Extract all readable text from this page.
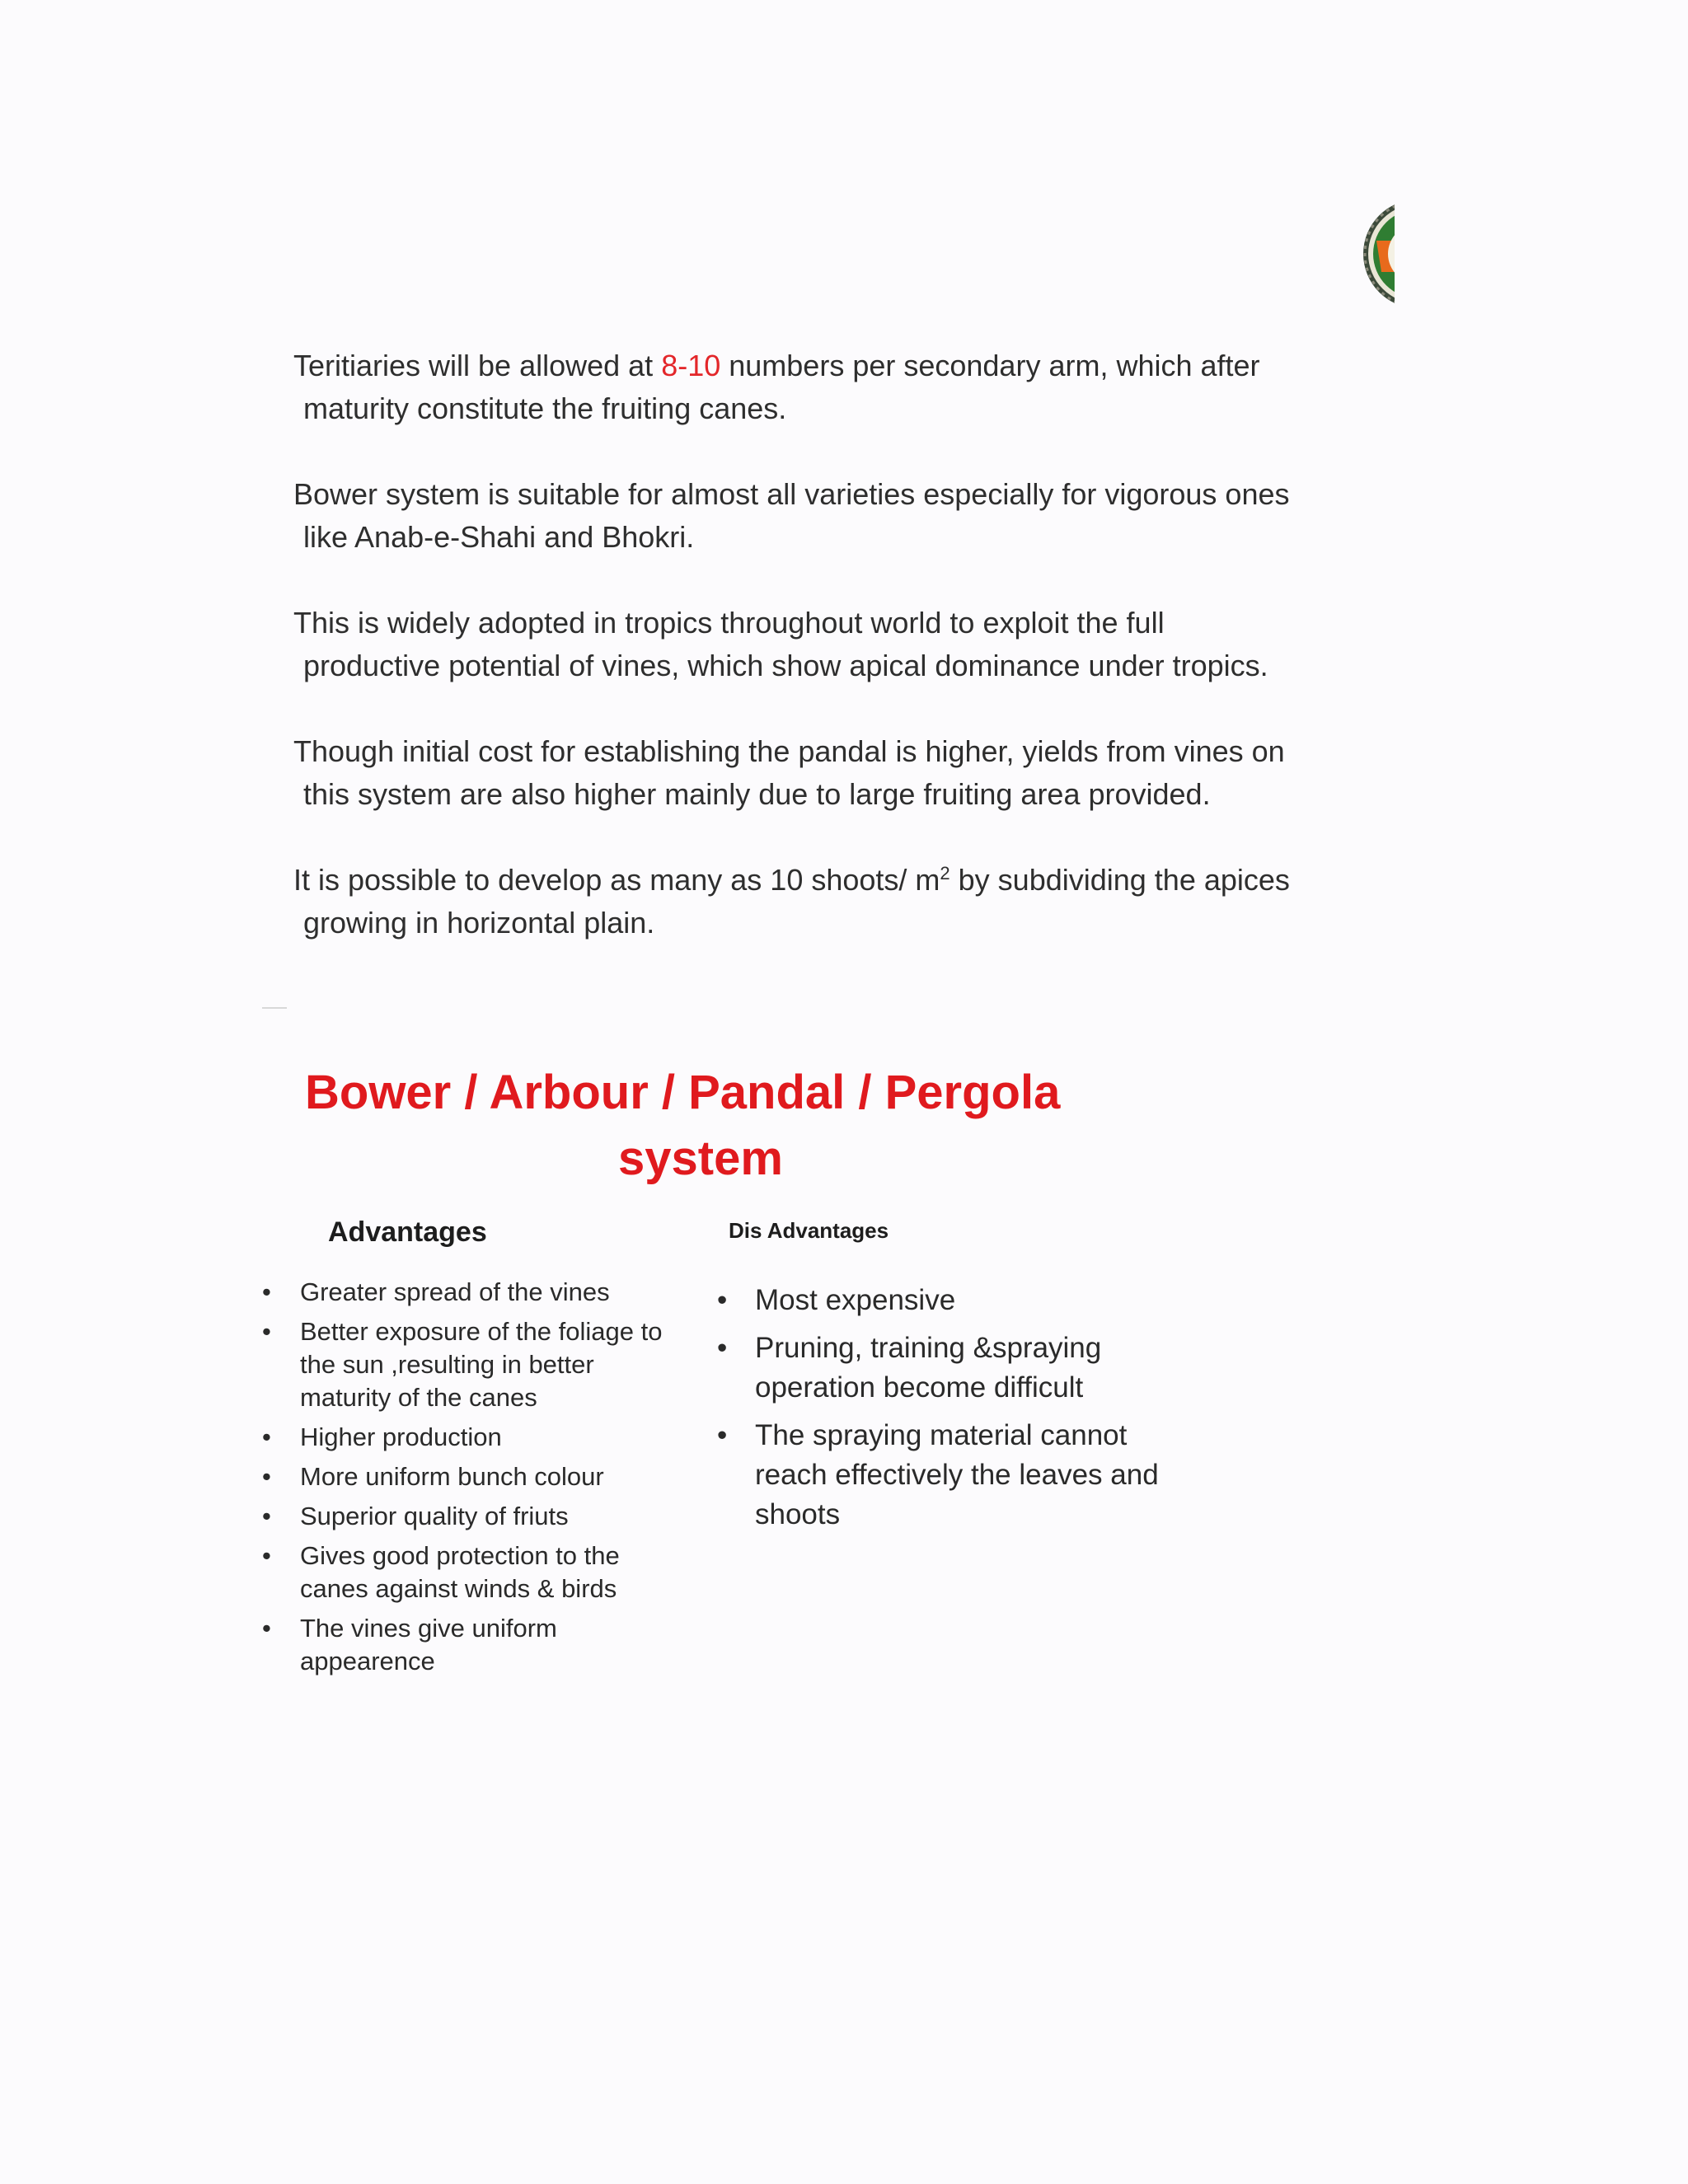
Teritiaries will be allowed at 8-10 numbers per secondary arm, which after
maturity constitute the fruiting canes.
Bower system is suitable for almost all varieties especially for vigorous ones
like Anab-e-Shahi and Bhokri.
This is widely adopted in tropics throughout world to exploit the full
productive potential of vines, which show apical dominance under tropics.
Though initial cost for establishing the pandal is higher, yields from vines on
this system are also higher mainly due to large fruiting area provided.
It is possible to develop as many as 10 shoots/ $m^2$ by subdividing the apices
growing in horizontal plain.
Bower / Arbour / Pandal / Pergola
system
Advantages	Dis Advantages
• Greater spread of the vines
• Better exposure of the foliage to the sun ,resulting in better maturity of the canes
• Higher production
• More uniform bunch colour
• Superior quality of friuts
• Gives good protection to the canes against winds & birds
• The vines give uniform appearence
• Most expensive
• Pruning, training &spraying operation become difficult
• The spraying material cannot reach effectively the leaves and shoots
